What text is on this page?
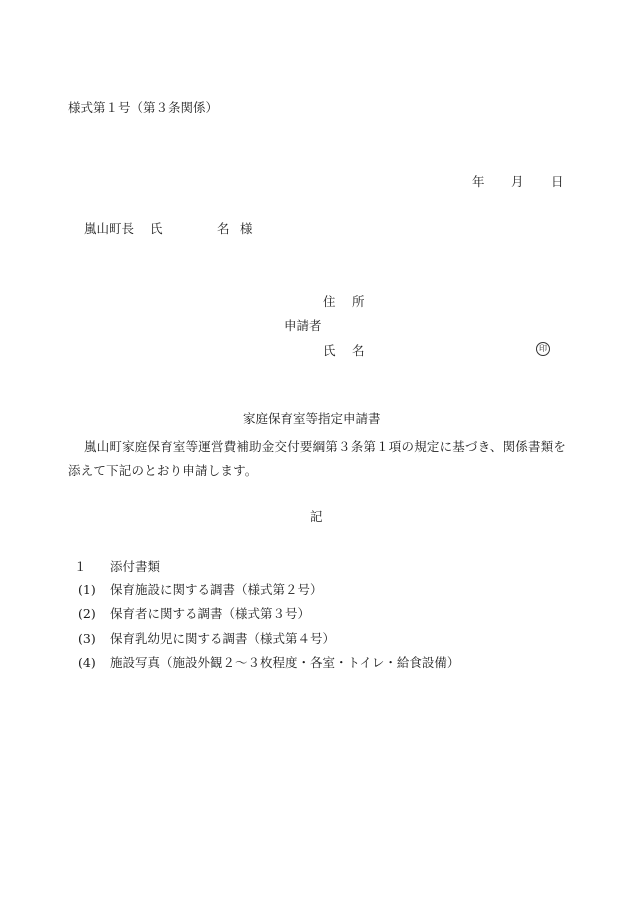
様式第１号（第３条関係）
年 月 日
嵐山町長 氏	名 様
住 所
申請者
氏 名	印
家庭保育室等指定申請書
嵐山町家庭保育室等運営費補助金交付要綱第３条第１項の規定に基づき、関係書類を添えて下記のとおり申請します。
記
１ 添付書類
(1) 保育施設に関する調書（様式第２号）
(2) 保育者に関する調書（様式第３号）
(3) 保育乳幼児に関する調書（様式第４号）
(4) 施設写真（施設外観２～３枚程度・各室・トイレ・給食設備）
